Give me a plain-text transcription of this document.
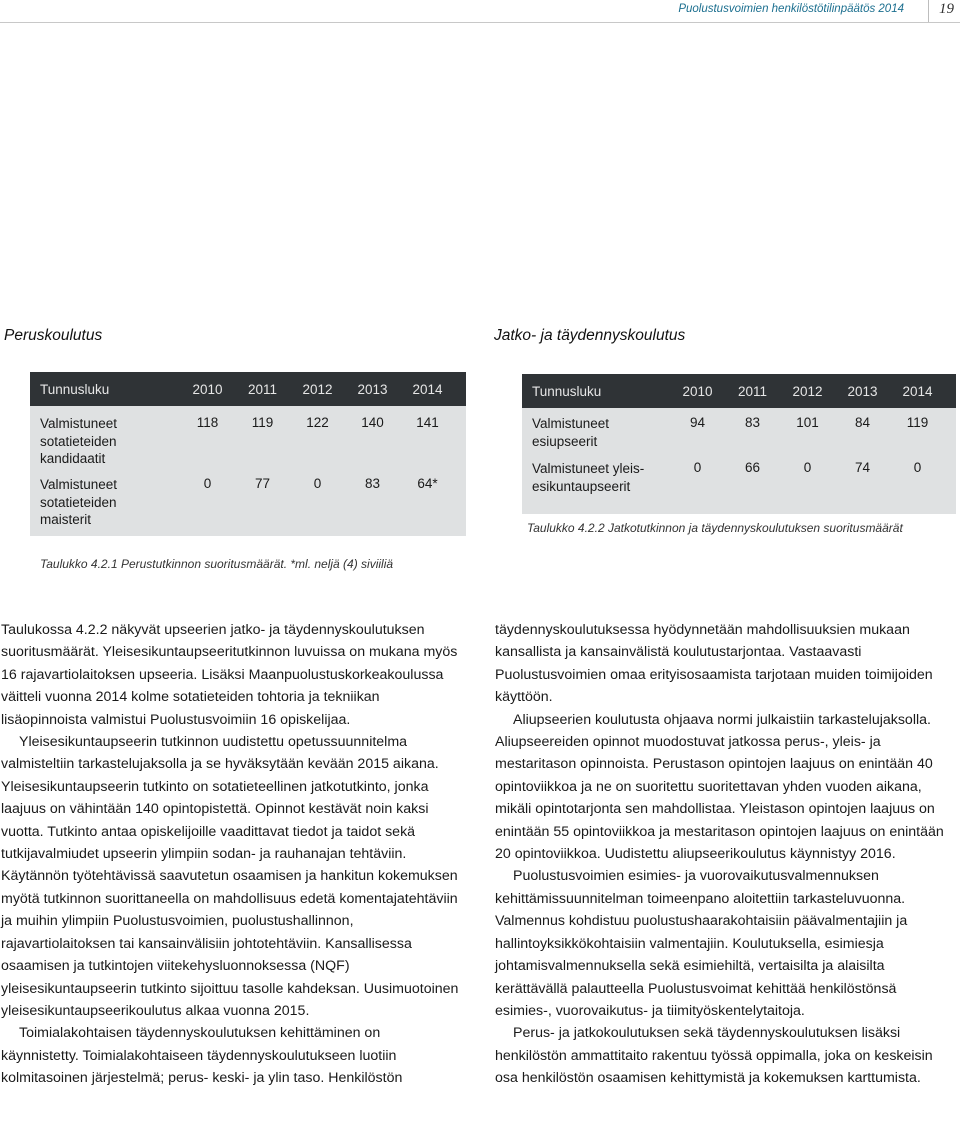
Puolustusvoimien henkilöstötilinpäätös 2014	19
Peruskoulutus	Jatko- ja täydennyskoulutus
Tunnusluku	2010	2011	2012	2013	2014
Valmistuneet
sotatieteiden
kandidaatit
118	119	122	140	141
Valmistuneet
sotatieteiden
maisterit
0	77	0	83	64*
Taulukko 4.2.1 Perustutkinnon suoritusmäärät. *ml. neljä (4) siviiliä
Tunnusluku	2010	2011	2012	2013	2014
Valmistuneet
esiupseerit
94	83	101	84	119
Valmistuneet yleis-
esikuntaupseerit
0	66	0	74	0
Taulukko 4.2.2 Jatkotutkinnon ja täydennyskoulutuksen suoritusmäärät

Taulukossa 4.2.2 näkyvät upseerien jatko- ja täydennyskoulutuksen suoritusmäärät. Yleisesikuntaupseeritutkinnon luvuissa on mukana myös 16 rajavartiolaitoksen upseeria. Lisäksi Maanpuolustuskorkeakoulussa väitteli vuonna 2014 kolme sotatieteiden tohtoria ja tekniikan lisäopinnoista valmistui Puolustusvoimiin 16 opiskelijaa.

Yleisesikuntaupseerin tutkinnon uudistettu opetussuunnitelma valmisteltiin tarkastelujaksolla ja se hyväksytään kevään 2015 aikana. Yleisesikuntaupseerin tutkinto on sotatieteellinen jatkotutkinto, jonka laajuus on vähintään 140 opintopistettä. Opinnot kestävät noin kaksi vuotta. Tutkinto antaa opiskelijoille vaadittavat tiedot ja taidot sekä tutkijavalmiudet upseerin ylimpiin sodan- ja rauhanajan tehtäviin. Käytännön työtehtävissä saavutetun osaamisen ja hankitun kokemuksen myötä tutkinnon suorittaneella on mahdollisuus edetä komentajatehtäviin ja muihin ylimpiin Puolustusvoimien, puolustushallinnon, rajavartiolaitoksen tai kansainvälisiin johtotehtäviin. Kansallisessa osaamisen ja tutkintojen viitekehysluonnoksessa (NQF) yleisesikuntaupseerin tutkinto sijoittuu tasolle kahdeksan. Uusimuotoinen yleisesikuntaupseerikoulutus alkaa vuonna 2015.

Toimialakohtaisen täydennyskoulutuksen kehittäminen on käynnistetty. Toimialakohtaiseen täydennyskoulutukseen luotiin kolmitasoinen järjestelmä; perus- keski- ja ylin taso. Henkilöstön

täydennyskoulutuksessa hyödynnetään mahdollisuuksien mukaan kansallista ja kansainvälistä koulutustarjontaa. Vastaavasti Puolustusvoimien omaa erityisosaamista tarjotaan muiden toimijoiden käyttöön.

Aliupseerien koulutusta ohjaava normi julkaistiin tarkastelujaksolla. Aliupseereiden opinnot muodostuvat jatkossa perus-, yleis- ja mestaritason opinnoista. Perustason opintojen laajuus on enintään 40 opintoviikkoa ja ne on suoritettu suoritettavan yhden vuoden aikana, mikäli opintotarjonta sen mahdollistaa. Yleistason opintojen laajuus on enintään 55 opintoviikkoa ja mestaritason opintojen laajuus on enintään 20 opintoviikkoa. Uudistettu aliupseerikoulutus käynnistyy 2016.

Puolustusvoimien esimies- ja vuorovaikutusvalmennuksen kehittämissuunnitelman toimeenpano aloitettiin tarkasteluvuonna. Valmennus kohdistuu puolustushaarakohtaisiin päävalmentajiin ja hallintoyksikkökohtaisiin valmentajiin. Koulutuksella, esimiesja johtamisvalmennuksella sekä esimiehiltä, vertaisilta ja alaisilta kerättävällä palautteella Puolustusvoimat kehittää henkilöstönsä esimies-, vuorovaikutus- ja tiimityöskentelytaitoja.

Perus- ja jatkokoulutuksen sekä täydennyskoulutuksen lisäksi henkilöstön ammattitaito rakentuu työssä oppimalla, joka on keskeisin osa henkilöstön osaamisen kehittymistä ja kokemuksen karttumista.
